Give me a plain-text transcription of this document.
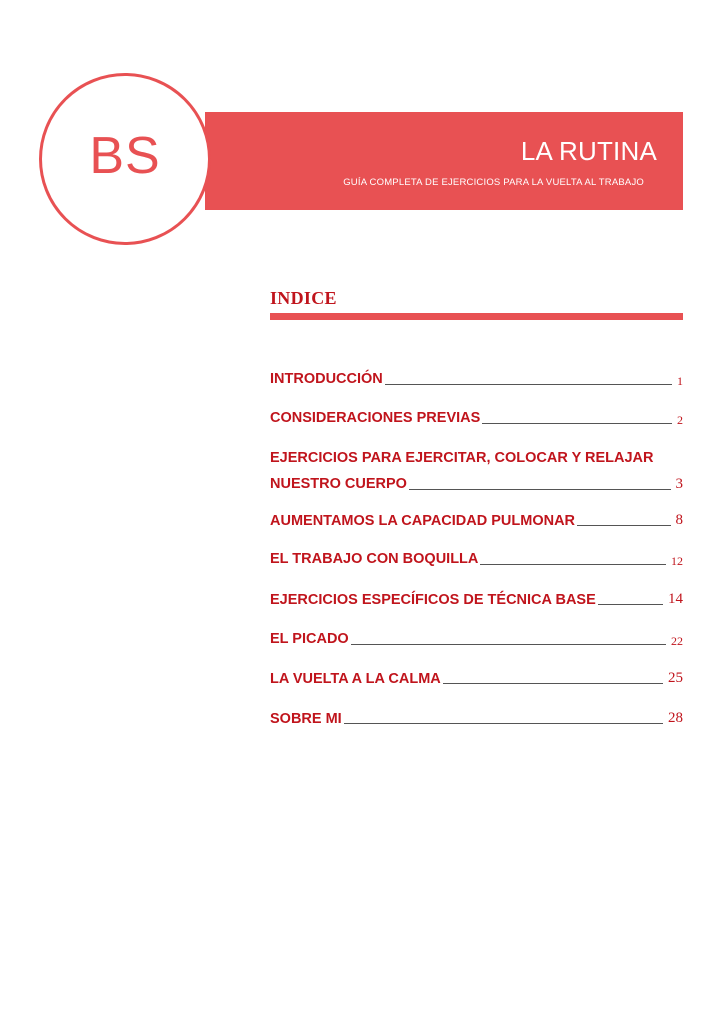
LA RUTINA
GUÍA COMPLETA DE EJERCICIOS PARA LA VUELTA AL TRABAJO
BS
INDICE
INTRODUCCIÓN	1
CONSIDERACIONES PREVIAS	2
EJERCICIOS PARA EJERCITAR, COLOCAR Y RELAJAR
NUESTRO CUERPO	3
AUMENTAMOS LA CAPACIDAD PULMONAR	8
EL TRABAJO CON BOQUILLA	12
EJERCICIOS ESPECÍFICOS DE TÉCNICA BASE	14
EL PICADO	22
LA VUELTA A LA CALMA	25
SOBRE MI	28
